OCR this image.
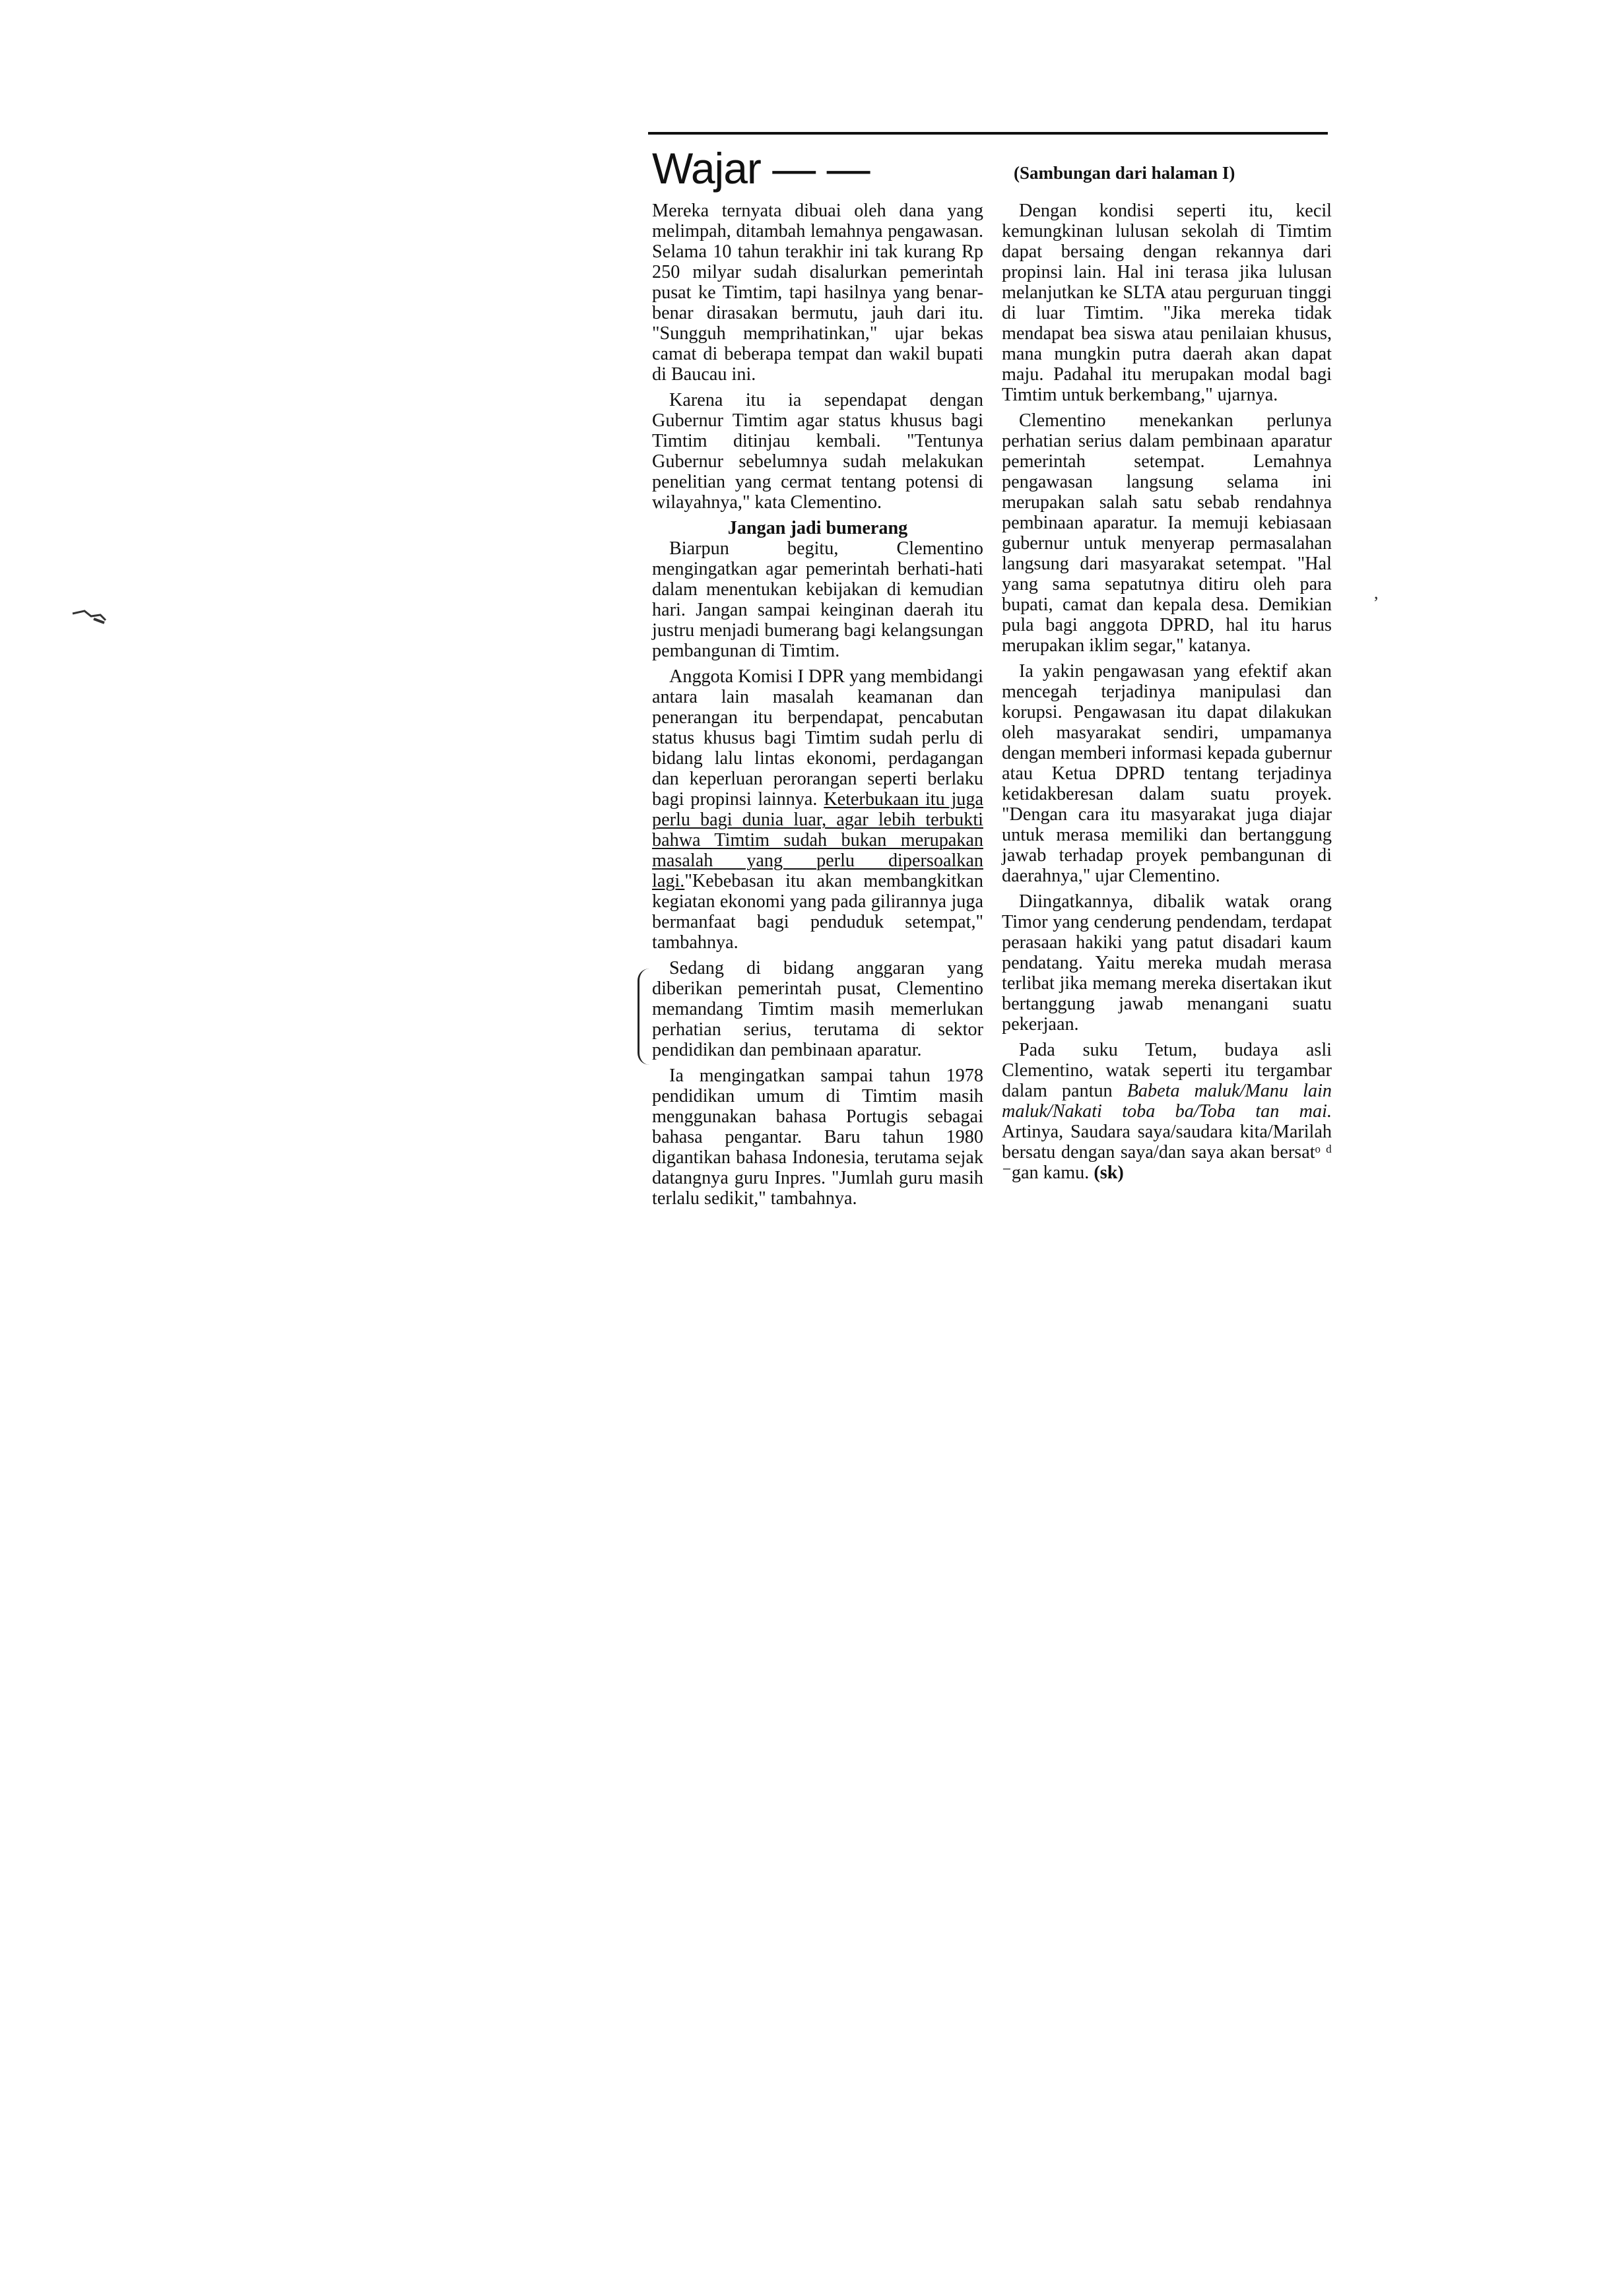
Wajar — —	(Sambungan dari halaman I)

Mereka ternyata dibuai oleh dana yang melimpah, ditambah lemahnya pengawasan. Selama 10 tahun terakhir ini tak kurang Rp 250 milyar sudah disalurkan pemerintah pusat ke Timtim, tapi hasilnya yang benar-benar dirasakan bermutu, jauh dari itu. "Sungguh memprihatinkan," ujar bekas camat di beberapa tempat dan wakil bupati di Baucau ini.

Karena itu ia sependapat dengan Gubernur Timtim agar status khusus bagi Timtim ditinjau kembali. "Tentunya Gubernur sebelumnya sudah melakukan penelitian yang cermat tentang potensi di wilayahnya," kata Clementino.

Jangan jadi bumerang

Biarpun begitu, Clementino mengingatkan agar pemerintah berhati-hati dalam menentukan kebijakan di kemudian hari. Jangan sampai keinginan daerah itu justru menjadi bumerang bagi kelangsungan pembangunan di Timtim.

Anggota Komisi I DPR yang membidangi antara lain masalah keamanan dan penerangan itu berpendapat, pencabutan status khusus bagi Timtim sudah perlu di bidang lalu lintas ekonomi, perdagangan dan keperluan perorangan seperti berlaku bagi propinsi lainnya. Keterbukaan itu juga perlu bagi dunia luar, agar lebih terbukti bahwa Timtim sudah bukan merupakan masalah yang perlu dipersoalkan lagi."Kebebasan itu akan membangkitkan kegiatan ekonomi yang pada gilirannya juga bermanfaat bagi penduduk setempat," tambahnya.

Sedang di bidang anggaran yang diberikan pemerintah pusat, Clementino memandang Timtim masih memerlukan perhatian serius, terutama di sektor pendidikan dan pembinaan aparatur.

Ia mengingatkan sampai tahun 1978 pendidikan umum di Timtim masih menggunakan bahasa Portugis sebagai bahasa pengantar. Baru tahun 1980 digantikan bahasa Indonesia, terutama sejak datangnya guru Inpres. "Jumlah guru masih terlalu sedikit," tambahnya.

Dengan kondisi seperti itu, kecil kemungkinan lulusan sekolah di Timtim dapat bersaing dengan rekannya dari propinsi lain. Hal ini terasa jika lulusan melanjutkan ke SLTA atau perguruan tinggi di luar Timtim. "Jika mereka tidak mendapat bea siswa atau penilaian khusus, mana mungkin putra daerah akan dapat maju. Padahal itu merupakan modal bagi Timtim untuk berkembang," ujarnya.

Clementino menekankan perlunya perhatian serius dalam pembinaan aparatur pemerintah setempat. Lemahnya pengawasan langsung selama ini merupakan salah satu sebab rendahnya pembinaan aparatur. Ia memuji kebiasaan gubernur untuk menyerap permasalahan langsung dari masyarakat setempat. "Hal yang sama sepatutnya ditiru oleh para bupati, camat dan kepala desa. Demikian pula bagi anggota DPRD, hal itu harus merupakan iklim segar," katanya.

Ia yakin pengawasan yang efektif akan mencegah terjadinya manipulasi dan korupsi. Pengawasan itu dapat dilakukan oleh masyarakat sendiri, umpamanya dengan memberi informasi kepada gubernur atau Ketua DPRD tentang terjadinya ketidakberesan dalam suatu proyek. "Dengan cara itu masyarakat juga diajar untuk merasa memiliki dan bertanggung jawab terhadap proyek pembangunan di daerahnya," ujar Clementino.

Diingatkannya, dibalik watak orang Timor yang cenderung pendendam, terdapat perasaan hakiki yang patut disadari kaum pendatang. Yaitu mereka mudah merasa terlibat jika memang mereka disertakan ikut bertanggung jawab menangani suatu pekerjaan.

Pada suku Tetum, budaya asli Clementino, watak seperti itu tergambar dalam pantun Babeta maluk/Manu lain maluk/Nakati toba ba/Toba tan mai. Artinya, Saudara saya/saudara kita/Marilah bersatu dengan saya/dan saya akan bersatᵒ ᵈ ⁻gan kamu. (sk)

,
